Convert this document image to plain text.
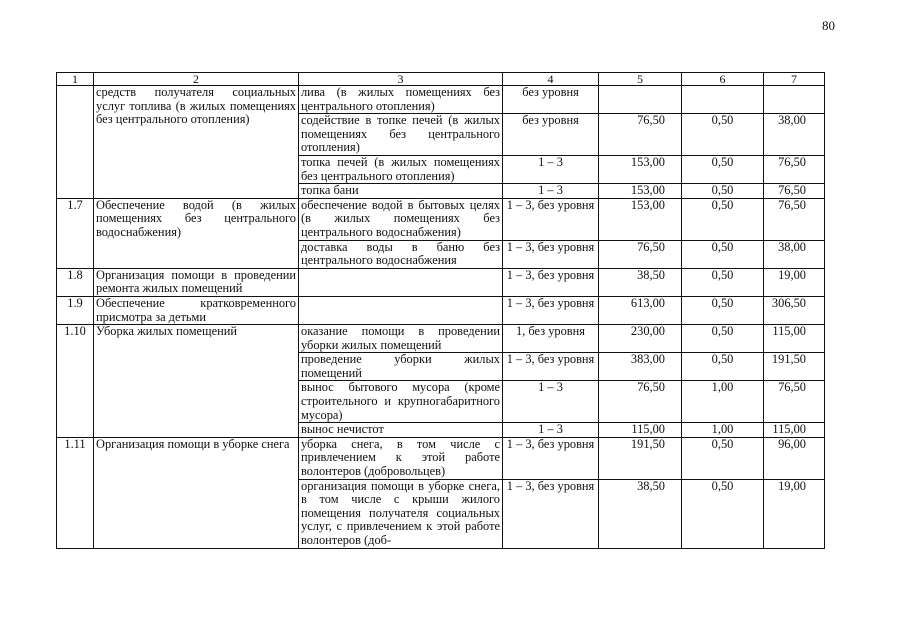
80
1	2	3	4	5	6	7
	средств получателя социальных услуг топлива (в жилых помещениях без центрального отопления)	лива (в жилых помещениях без центрального отопления)	без уровня			
		содействие в топке печей (в жилых помещениях без центрального отопления)	без уровня	76,50	0,50	38,00
		топка печей (в жилых помещениях без центрального отопления)	1 – 3	153,00	0,50	76,50
		топка бани	1 – 3	153,00	0,50	76,50
1.7	Обеспечение водой (в жилых помещениях без центрального водоснабжения)	обеспечение водой в бытовых целях (в жилых помещениях без центрального водоснабжения)	1 – 3, без уровня	153,00	0,50	76,50
		доставка воды в баню без центрального водоснабжения	1 – 3, без уровня	76,50	0,50	38,00
1.8	Организация помощи в проведении ремонта жилых помещений		1 – 3, без уровня	38,50	0,50	19,00
1.9	Обеспечение кратковременного присмотра за детьми		1 – 3, без уровня	613,00	0,50	306,50
1.10	Уборка жилых помещений	оказание помощи в проведении уборки жилых помещений	1, без уровня	230,00	0,50	115,00
		проведение уборки жилых помещений	1 – 3, без уровня	383,00	0,50	191,50
		вынос бытового мусора (кроме строительного и крупногабаритного мусора)	1 – 3	76,50	1,00	76,50
		вынос нечистот	1 – 3	115,00	1,00	115,00
1.11	Организация помощи в уборке снега	уборка снега, в том числе с привлечением к этой работе волонтеров (добровольцев)	1 – 3, без уровня	191,50	0,50	96,00
		организация помощи в уборке снега, в том числе с крыши жилого помещения получателя социальных услуг, с привлечением к этой работе волонтеров (доб-	1 – 3, без уровня	38,50	0,50	19,00
